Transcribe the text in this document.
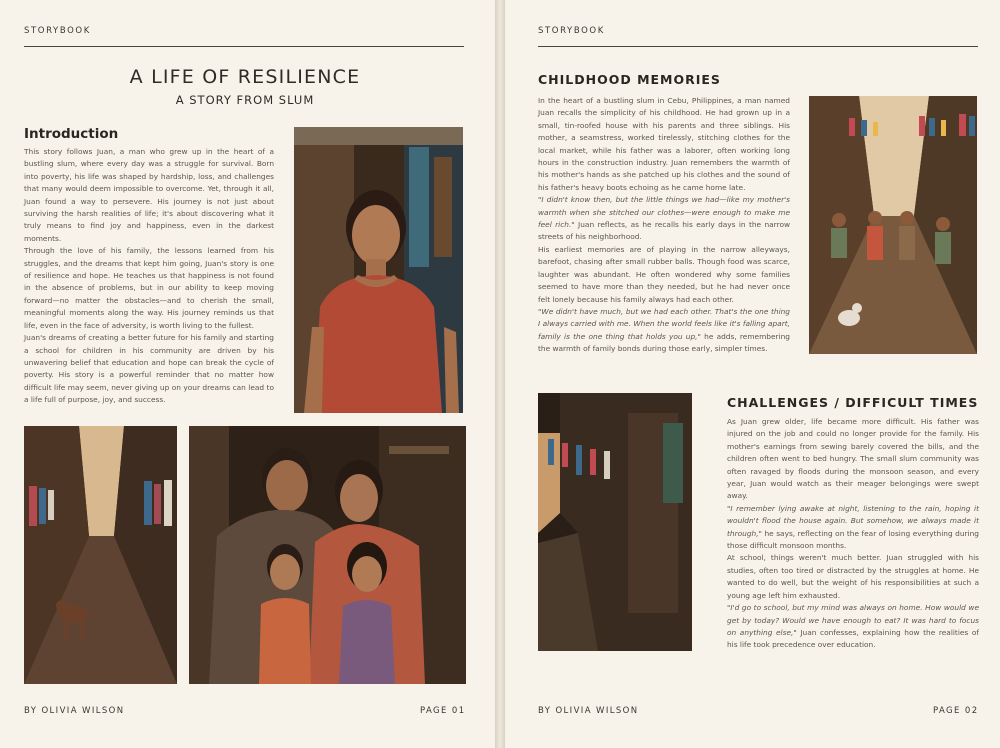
STORYBOOK
A LIFE OF RESILIENCE
A STORY FROM SLUM
Introduction

This story follows Juan, a man who grew up in the heart of a bustling slum, where every day was a struggle for survival. Born into poverty, his life was shaped by hardship, loss, and challenges that many would deem impossible to overcome. Yet, through it all, Juan found a way to persevere. His journey is not just about surviving the harsh realities of life; it's about discovering what it truly means to find joy and happiness, even in the darkest moments.

Through the love of his family, the lessons learned from his struggles, and the dreams that kept him going, Juan's story is one of resilience and hope. He teaches us that happiness is not found in the absence of problems, but in our ability to keep moving forward—no matter the obstacles—and to cherish the small, meaningful moments along the way. His journey reminds us that life, even in the face of adversity, is worth living to the fullest.

Juan's dreams of creating a better future for his family and starting a school for children in his community are driven by his unwavering belief that education and hope can break the cycle of poverty. His story is a powerful reminder that no matter how difficult life may seem, never giving up on your dreams can lead to a life full of purpose, joy, and success.

BY OLIVIA WILSON	PAGE 01
STORYBOOK
CHILDHOOD MEMORIES

In the heart of a bustling slum in Cebu, Philippines, a man named Juan recalls the simplicity of his childhood. He had grown up in a small, tin-roofed house with his parents and three siblings. His mother, a seamstress, worked tirelessly, stitching clothes for the local market, while his father was a laborer, often working long hours in the construction industry. Juan remembers the warmth of his mother's hands as she patched up his clothes and the sound of his father's heavy boots echoing as he came home late.

"I didn't know then, but the little things we had—like my mother's warmth when she stitched our clothes—were enough to make me feel rich." Juan reflects, as he recalls his early days in the narrow streets of his neighborhood.

His earliest memories are of playing in the narrow alleyways, barefoot, chasing after small rubber balls. Though food was scarce, laughter was abundant. He often wondered why some families seemed to have more than they needed, but he had never once felt lonely because his family always had each other.

"We didn't have much, but we had each other. That's the one thing I always carried with me. When the world feels like it's falling apart, family is the one thing that holds you up," he adds, remembering the warmth of family bonds during those early, simpler times.

CHALLENGES / DIFFICULT TIMES

As Juan grew older, life became more difficult. His father was injured on the job and could no longer provide for the family. His mother's earnings from sewing barely covered the bills, and the children often went to bed hungry. The small slum community was often ravaged by floods during the monsoon season, and every year, Juan would watch as their meager belongings were swept away.

"I remember lying awake at night, listening to the rain, hoping it wouldn't flood the house again. But somehow, we always made it through," he says, reflecting on the fear of losing everything during those difficult monsoon months.

At school, things weren't much better. Juan struggled with his studies, often too tired or distracted by the struggles at home. He wanted to do well, but the weight of his responsibilities at such a young age left him exhausted.

"I'd go to school, but my mind was always on home. How would we get by today? Would we have enough to eat? It was hard to focus on anything else," Juan confesses, explaining how the realities of his life took precedence over education.

BY OLIVIA WILSON	PAGE 02
